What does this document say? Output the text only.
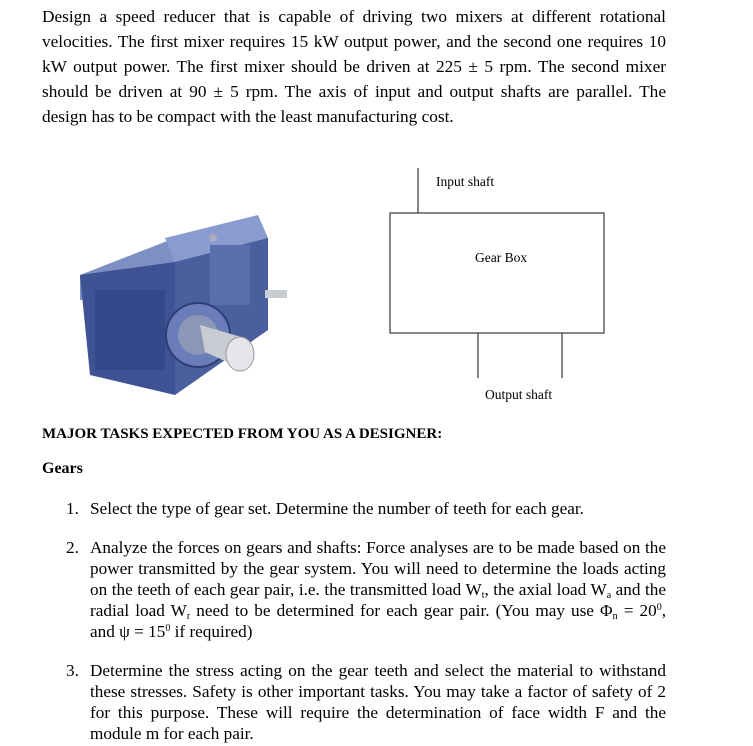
Design a speed reducer that is capable of driving two mixers at different rotational velocities. The first mixer requires 15 kW output power, and the second one requires 10 kW output power. The first mixer should be driven at 225 ± 5 rpm. The second mixer should be driven at 90 ± 5 rpm. The axis of input and output shafts are parallel. The design has to be compact with the least manufacturing cost.

Input shaft
Gear Box
Output shaft

MAJOR TASKS EXPECTED FROM YOU AS A DESIGNER:

Gears

1. Select the type of gear set. Determine the number of teeth for each gear.
2. Analyze the forces on gears and shafts: Force analyses are to be made based on the power transmitted by the gear system. You will need to determine the loads acting on the teeth of each gear pair, i.e. the transmitted load $W_t$, the axial load $W_a$ and the radial load $W_r$ need to be determined for each gear pair. (You may use $\Phi_n = 20^0$, and $\psi = 15^0$ if required)
3. Determine the stress acting on the gear teeth and select the material to withstand these stresses. Safety is other important tasks. You may take a factor of safety of 2 for this purpose. These will require the determination of face width F and the module m for each pair.
